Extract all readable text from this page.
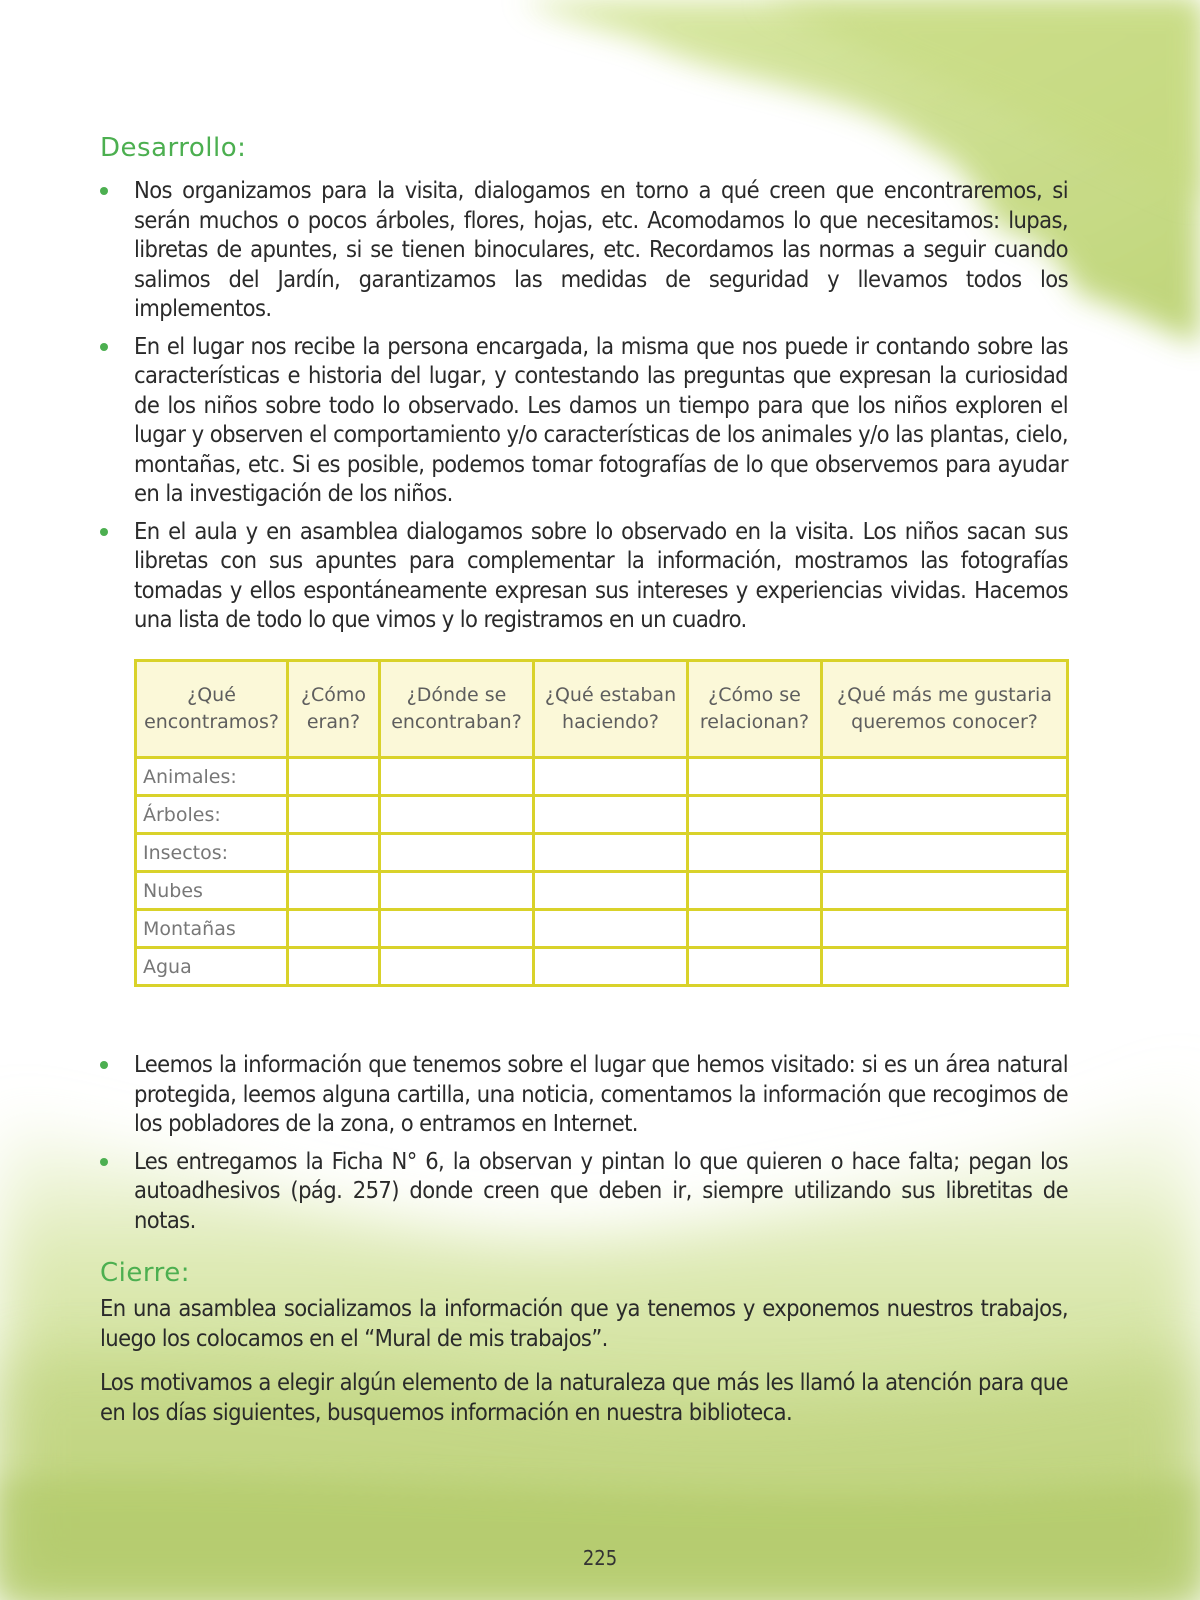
Desarrollo:
Nos organizamos para la visita, dialogamos en torno a qué creen que encontraremos, si serán muchos o pocos árboles, flores, hojas, etc. Acomodamos lo que necesitamos: lupas, libretas de apuntes, si se tienen binoculares, etc. Recordamos las normas a seguir cuando salimos del Jardín, garantizamos las medidas de seguridad y llevamos todos los implementos.
En el lugar nos recibe la persona encargada, la misma que nos puede ir contando sobre las características e historia del lugar, y contestando las preguntas que expresan la curiosidad de los niños sobre todo lo observado. Les damos un tiempo para que los niños exploren el lugar y observen el comportamiento y/o características de los animales y/o las plantas, cielo, montañas, etc. Si es posible, podemos tomar fotografías de lo que observemos para ayudar en la investigación de los niños.
En el aula y en asamblea dialogamos sobre lo observado en la visita. Los niños sacan sus libretas con sus apuntes para complementar la información, mostramos las fotografías tomadas y ellos espontáneamente expresan sus intereses y experiencias vividas. Hacemos una lista de todo lo que vimos y lo registramos en un cuadro.
¿Qué encontramos?	¿Cómo eran?	¿Dónde se encontraban?	¿Qué estaban haciendo?	¿Cómo se relacionan?	¿Qué más me gustaria queremos conocer?
Animales:					
Árboles:					
Insectos:					
Nubes					
Montañas					
Agua					
Leemos la información que tenemos sobre el lugar que hemos visitado: si es un área natural protegida, leemos alguna cartilla, una noticia, comentamos la información que recogimos de los pobladores de la zona, o entramos en Internet.
Les entregamos la Ficha N° 6, la observan y pintan lo que quieren o hace falta; pegan los autoadhesivos (pág. 257) donde creen que deben ir, siempre utilizando sus libretitas de notas.
Cierre:

En una asamblea socializamos la información que ya tenemos y exponemos nuestros trabajos, luego los colocamos en el “Mural de mis trabajos”.

Los motivamos a elegir algún elemento de la naturaleza que más les llamó la atención para que en los días siguientes, busquemos información en nuestra biblioteca.

225
